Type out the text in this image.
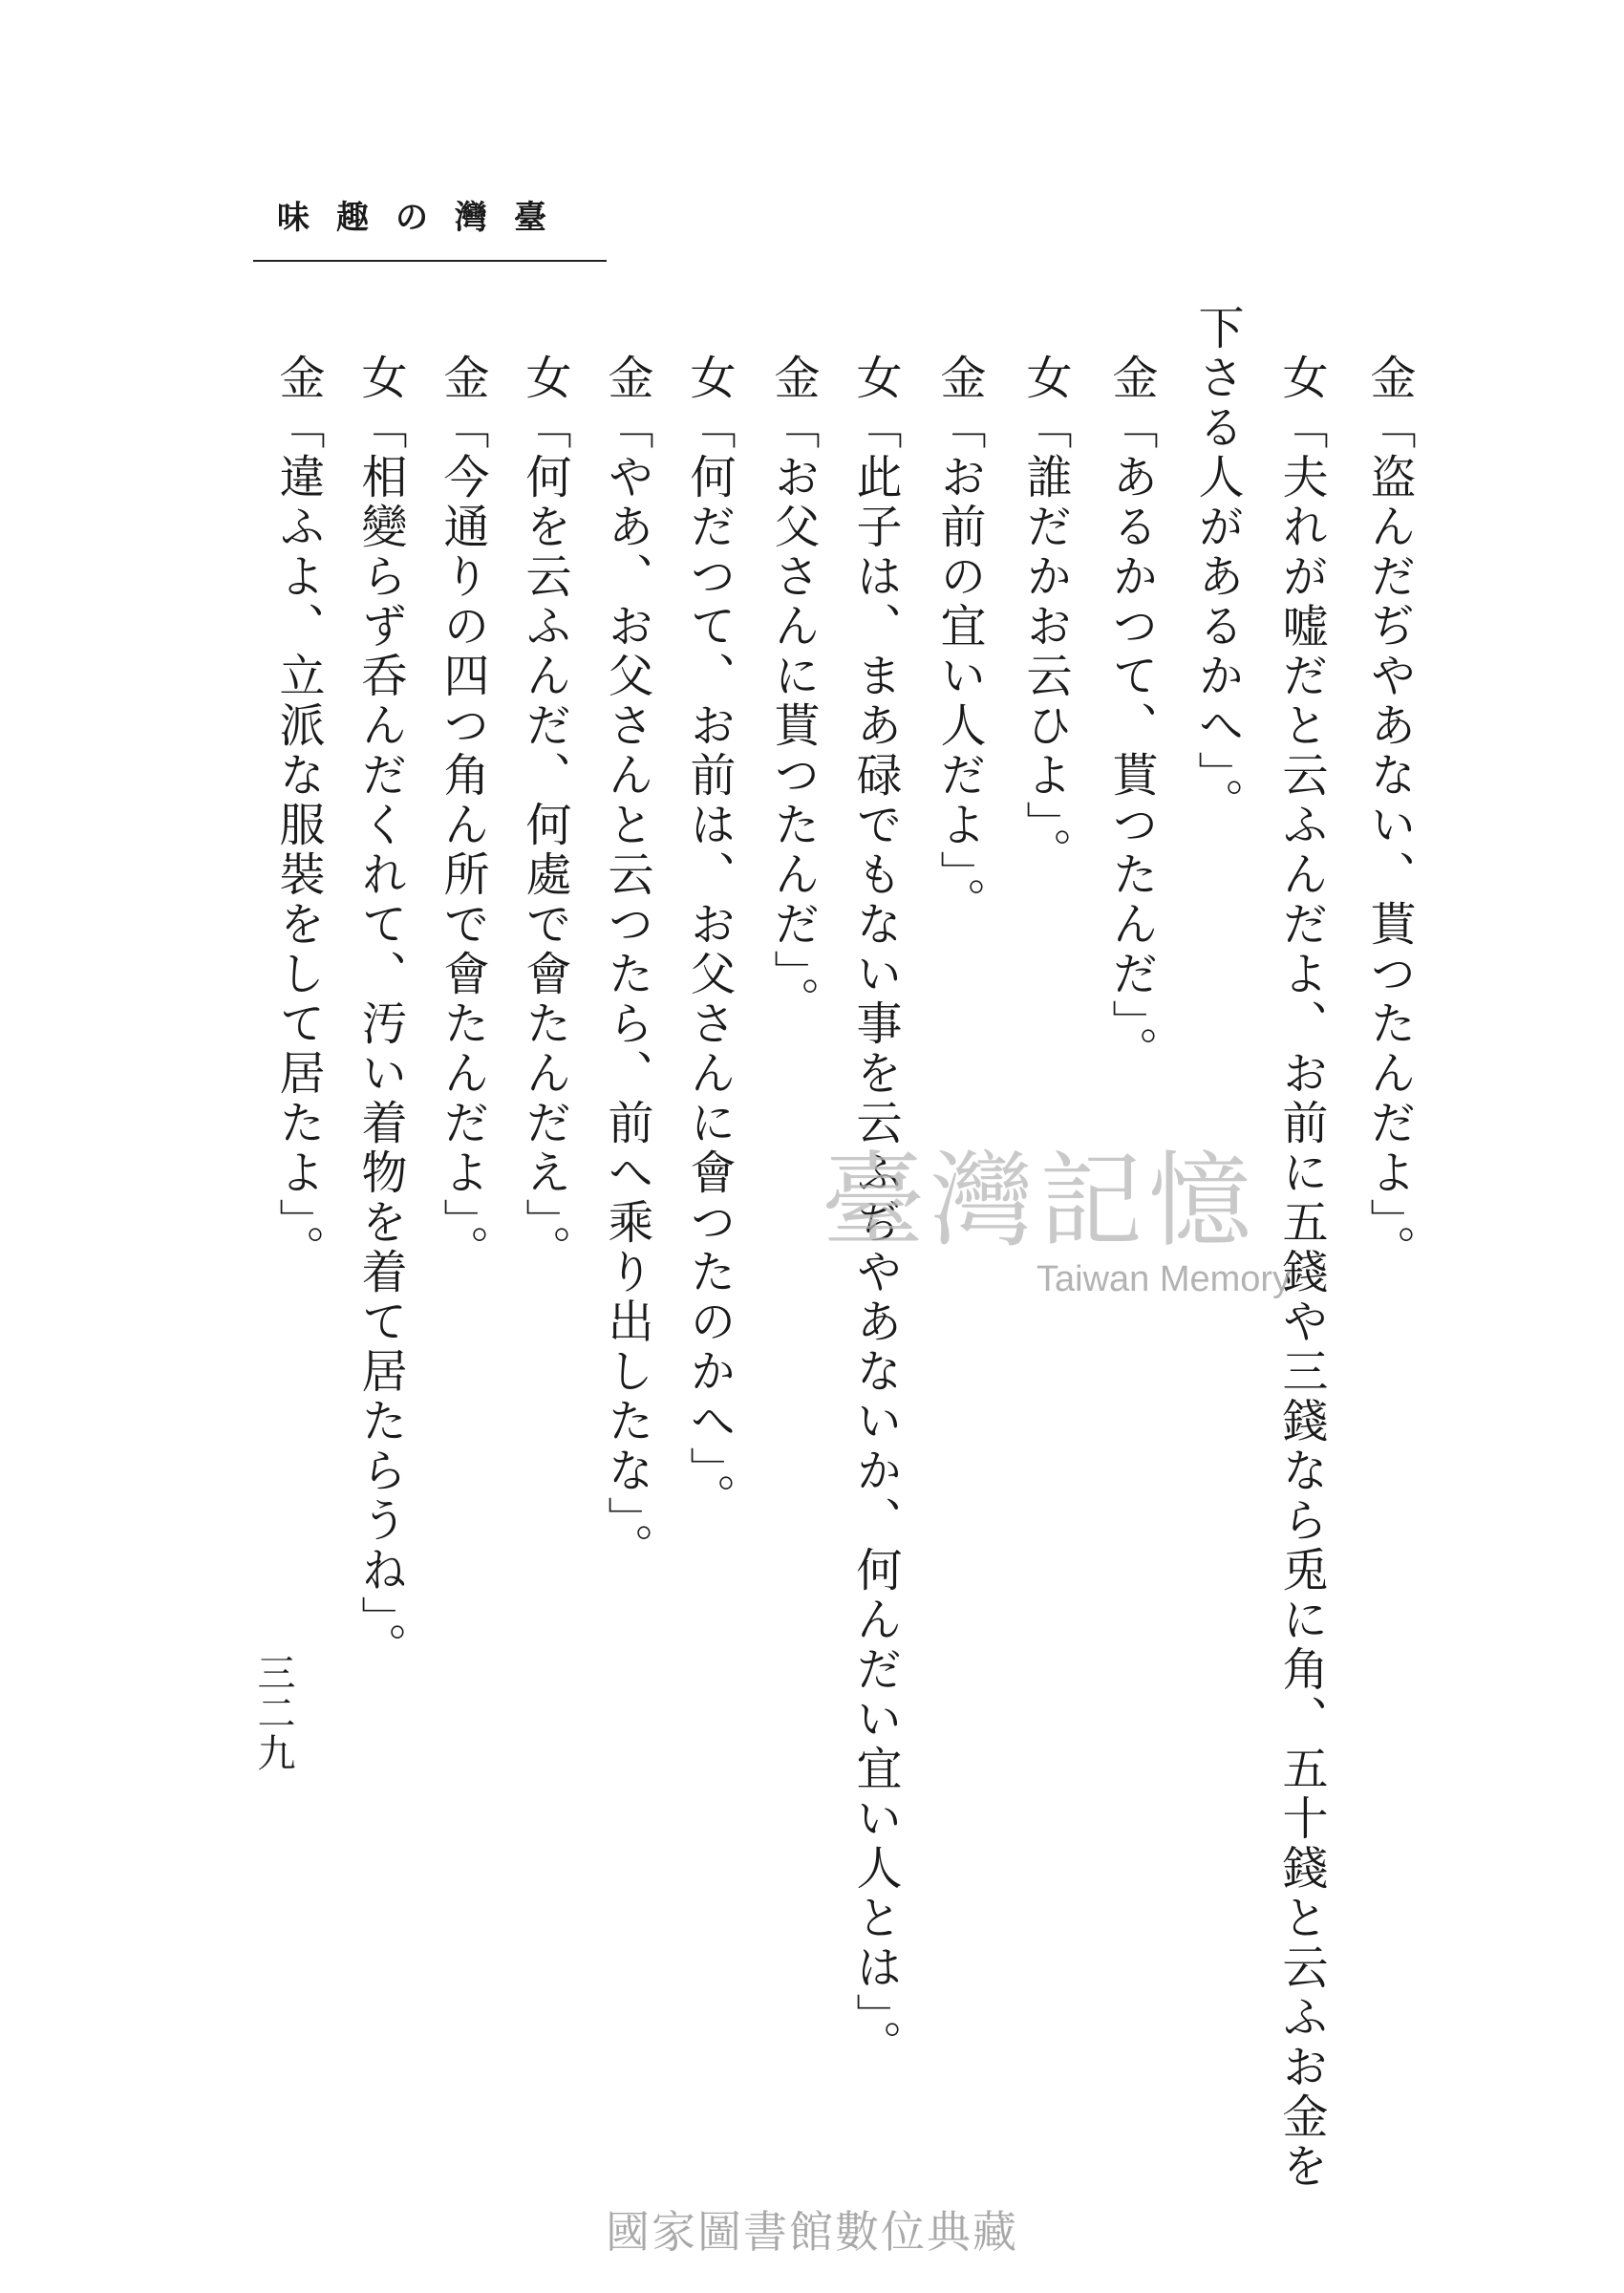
臺灣の趣味
金「盗んだぢやあない、貰つたんだよ」。
女「夫れが嘘だと云ふんだよ、お前に五錢や三錢なら兎に角、五十錢と云ふお金を
下さる人があるかへ」。
金「あるかつて、貰つたんだ」。
女「誰だかお云ひよ」。
金「お前の宜い人だよ」。
女「此子は、まあ碌でもない事を云ふぢやあないか、何んだい宜い人とは」。
金「お父さんに貰つたんだ」。
女「何だつて、お前は、お父さんに會つたのかへ」。
金「やあ、お父さんと云つたら、前へ乘り出したな」。
女「何を云ふんだ、何處で會たんだえ」。
金「今通りの四つ角ん所で會たんだよ」。
女「相變らず呑んだくれて、汚い着物を着て居たらうね」。
金「違ふよ、立派な服裝をして居たよ」。
三二九
臺灣記憶
Taiwan Memory
國家圖書館數位典藏
